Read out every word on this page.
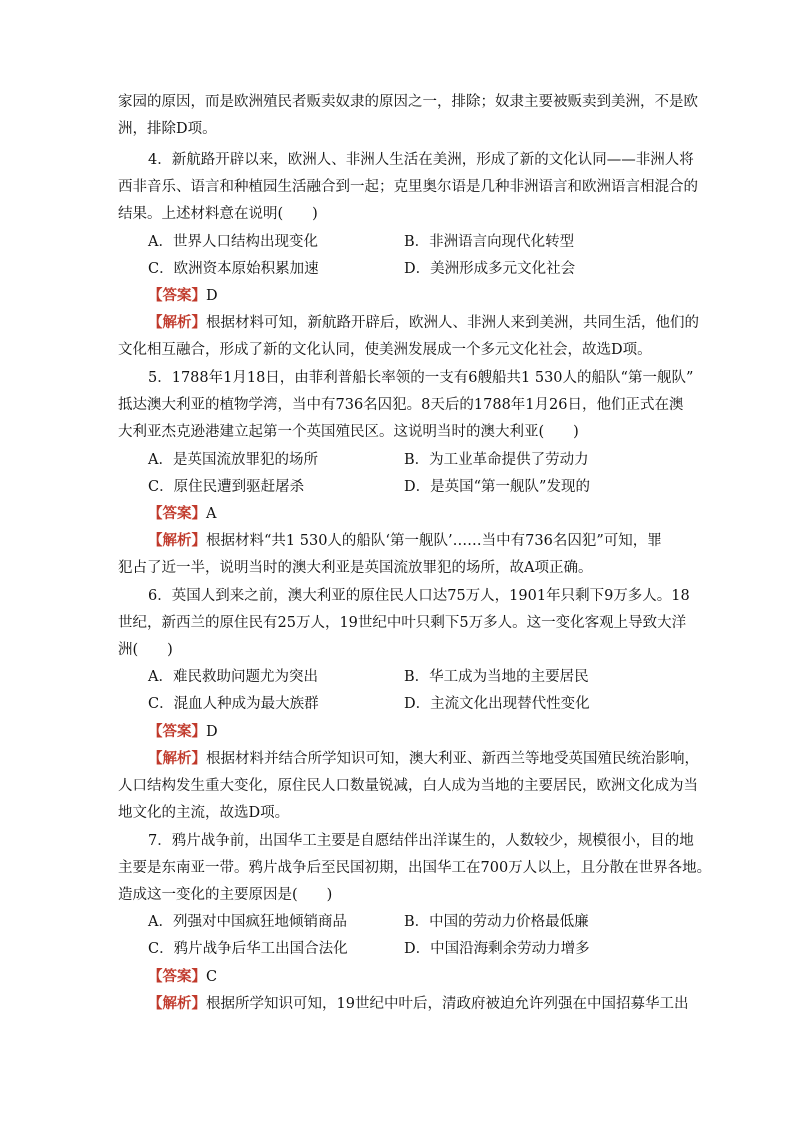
家园的原因，而是欧洲殖民者贩卖奴隶的原因之一，排除；奴隶主要被贩卖到美洲，不是欧
洲，排除D项。
4．新航路开辟以来，欧洲人、非洲人生活在美洲，形成了新的文化认同——非洲人将
西非音乐、语言和种植园生活融合到一起；克里奥尔语是几种非洲语言和欧洲语言相混合的
结果。上述材料意在说明(　　)
A．世界人口结构出现变化	B．非洲语言向现代化转型
C．欧洲资本原始积累加速	D．美洲形成多元文化社会
【答案】D
【解析】根据材料可知，新航路开辟后，欧洲人、非洲人来到美洲，共同生活，他们的
文化相互融合，形成了新的文化认同，使美洲发展成一个多元文化社会，故选D项。
5．1788年1月18日，由菲利普船长率领的一支有6艘船共1 530人的船队“第一舰队”
抵达澳大利亚的植物学湾，当中有736名囚犯。8天后的1788年1月26日，他们正式在澳
大利亚杰克逊港建立起第一个英国殖民区。这说明当时的澳大利亚(　　)
A．是英国流放罪犯的场所	B．为工业革命提供了劳动力
C．原住民遭到驱赶屠杀	D．是英国“第一舰队”发现的
【答案】A
【解析】根据材料“共1 530人的船队‘第一舰队’……当中有736名囚犯”可知，罪
犯占了近一半，说明当时的澳大利亚是英国流放罪犯的场所，故A项正确。
6．英国人到来之前，澳大利亚的原住民人口达75万人，1901年只剩下9万多人。18
世纪，新西兰的原住民有25万人，19世纪中叶只剩下5万多人。这一变化客观上导致大洋
洲(　　)
A．难民救助问题尤为突出	B．华工成为当地的主要居民
C．混血人种成为最大族群	D．主流文化出现替代性变化
【答案】D
【解析】根据材料并结合所学知识可知，澳大利亚、新西兰等地受英国殖民统治影响，
人口结构发生重大变化，原住民人口数量锐减，白人成为当地的主要居民，欧洲文化成为当
地文化的主流，故选D项。
7．鸦片战争前，出国华工主要是自愿结伴出洋谋生的，人数较少，规模很小，目的地
主要是东南亚一带。鸦片战争后至民国初期，出国华工在700万人以上，且分散在世界各地。
造成这一变化的主要原因是(　　)
A．列强对中国疯狂地倾销商品	B．中国的劳动力价格最低廉
C．鸦片战争后华工出国合法化	D．中国沿海剩余劳动力增多
【答案】C
【解析】根据所学知识可知，19世纪中叶后，清政府被迫允许列强在中国招募华工出
